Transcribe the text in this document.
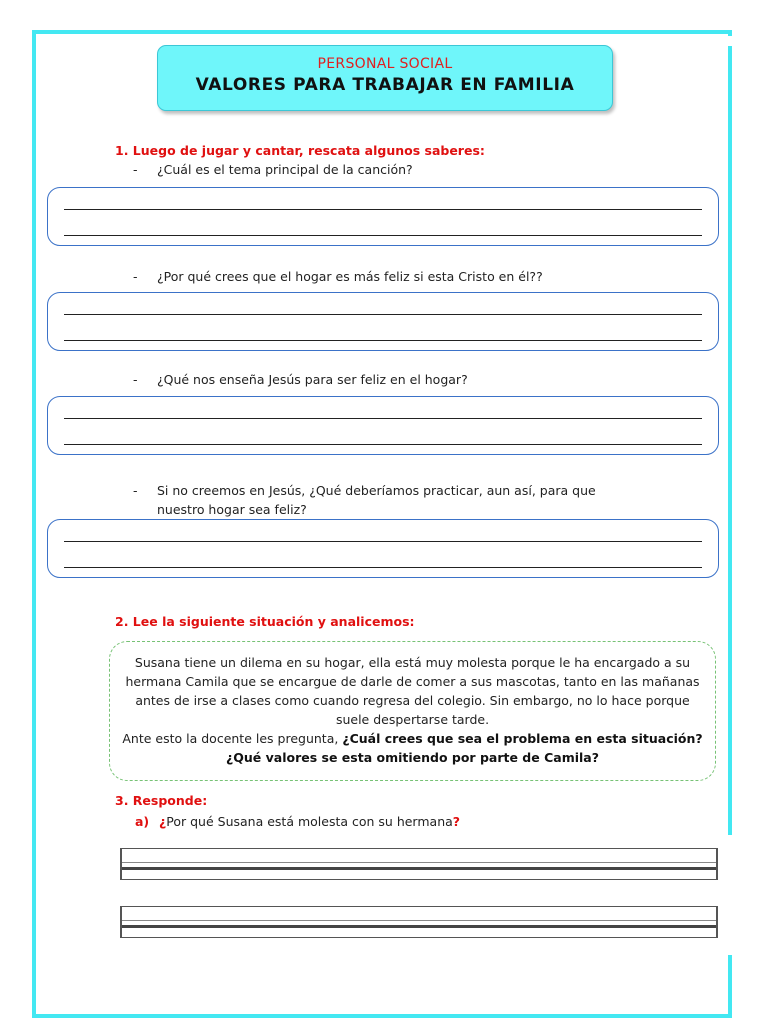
PERSONAL SOCIAL
VALORES PARA TRABAJAR EN FAMILIA
1. Luego de jugar y cantar, rescata algunos saberes:
- ¿Cuál es el tema principal de la canción?
- ¿Por qué crees que el hogar es más feliz si esta Cristo en él??
- ¿Qué nos enseña Jesús para ser feliz en el hogar?
- Si no creemos en Jesús, ¿Qué deberíamos practicar, aun así, para que
nuestro hogar sea feliz?
2. Lee la siguiente situación y analicemos:

Susana tiene un dilema en su hogar, ella está muy molesta porque le ha encargado a su

hermana Camila que se encargue de darle de comer a sus mascotas, tanto en las mañanas

antes de irse a clases como cuando regresa del colegio. Sin embargo, no lo hace porque

suele despertarse tarde.

Ante esto la docente les pregunta, ¿Cuál crees que sea el problema en esta situación?

¿Qué valores se esta omitiendo por parte de Camila?

3. Responde:
a) ¿Por qué Susana está molesta con su hermana?
